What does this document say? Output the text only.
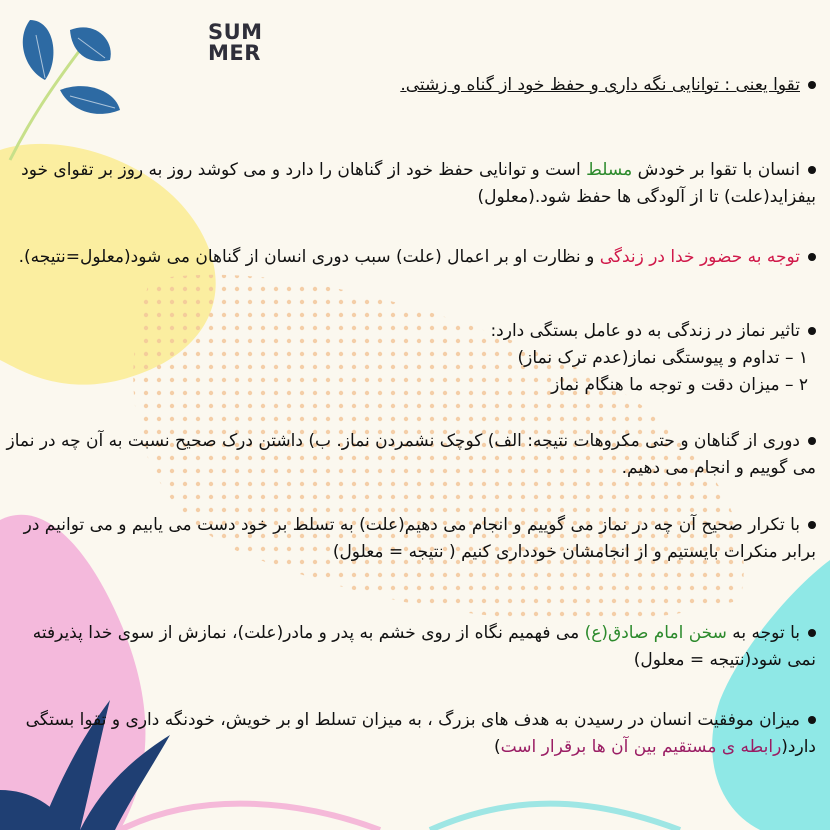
SUM
MER
تقوا یعنی : توانایی نگه داری و حفظ خود از گناه و زشتی.
انسان با تقوا بر خودش مسلط است و توانایی حفظ خود از گناهان را دارد و می کوشد روز به روز بر تقوای خود بیفزاید(علت) تا از آلودگی ها حفظ شود.(معلول)
توجه به حضور خدا در زندگی و نظارت او بر اعمال (علت) سبب دوری انسان از گناهان می شود(معلول=نتیجه).
تاثیر نماز در زندگی به دو عامل بستگی دارد:
۱ – تداوم و پیوستگی نماز(عدم ترک نماز)
۲ – میزان دقت و توجه ما هنگام نماز
دوری از گناهان و حتی مکروهات نتیجه: الف) کوچک نشمردن نماز. ب) داشتن درک صحیح نسبت به آن چه در نماز می گوییم و انجام می دهیم.
با تکرار صحیح آن چه در نماز می گوییم و انجام می دهیم(علت) به تسلط بر خود دست می یابیم و می توانیم در برابر منکرات بایستیم و از انجامشان خودداری کنیم ( نتیجه = معلول)
با توجه به سخن امام صادق(ع) می فهمیم نگاه از روی خشم به پدر و مادر(علت)، نمازش از سوی خدا پذیرفته نمی شود(نتیجه = معلول)
میزان موفقیت انسان در رسیدن به هدف های بزرگ ، به میزان تسلط او بر خویش، خودنگه داری و تقوا بستگی دارد(رابطه ی مستقیم بین آن ها برقرار است)
